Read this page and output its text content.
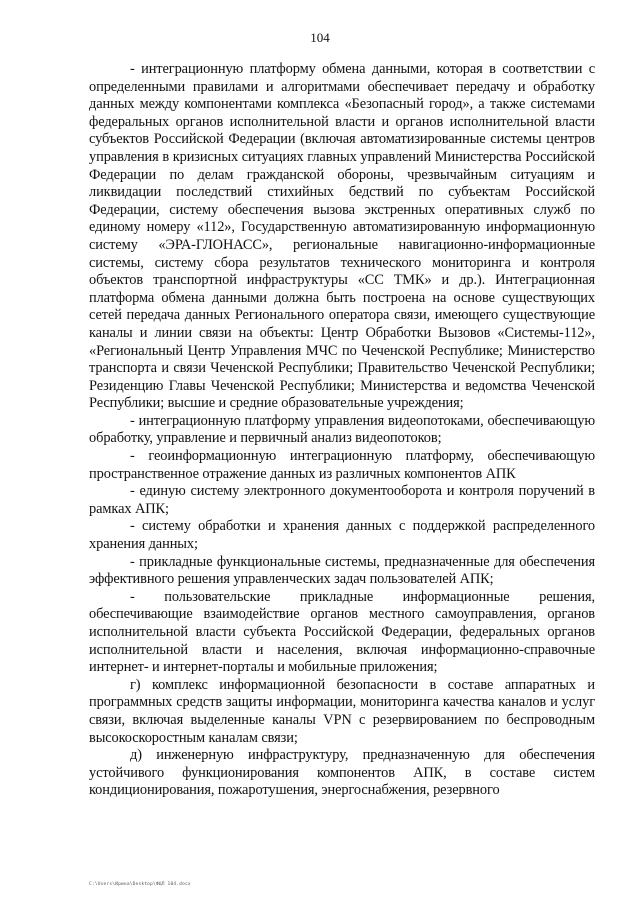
104

- интеграционную платформу обмена данными, которая в соответствии с определенными правилами и алгоритмами обеспечивает передачу и обработку данных между компонентами комплекса «Безопасный город», а также системами федеральных органов исполнительной власти и органов исполнительной власти субъектов Российской Федерации (включая автоматизированные системы центров управления в кризисных ситуациях главных управлений Министерства Российской Федерации по делам гражданской обороны, чрезвычайным ситуациям и ликвидации последствий стихийных бедствий по субъектам Российской Федерации, систему обеспечения вызова экстренных оперативных служб по единому номеру «112», Государственную автоматизированную информационную систему «ЭРА-ГЛОНАСС», региональные навигационно-информационные системы, систему сбора результатов технического мониторинга и контроля объектов транспортной инфраструктуры «СС ТМК» и др.). Интеграционная платформа обмена данными должна быть построена на основе существующих сетей передача данных Регионального оператора связи, имеющего существующие каналы и линии связи на объекты: Центр Обработки Вызовов «Системы-112», «Региональный Центр Управления МЧС по Чеченской Республике; Министерство транспорта и связи Чеченской Республики; Правительство Чеченской Республики; Резиденцию Главы Чеченской Республики; Министерства и ведомства Чеченской Республики; высшие и средние образовательные учреждения;

- интеграционную платформу управления видеопотоками, обеспечивающую обработку, управление и первичный анализ видеопотоков;

- геоинформационную интеграционную платформу, обеспечивающую пространственное отражение данных из различных компонентов АПК

- единую систему электронного документооборота и контроля поручений в рамках АПК;

- систему обработки и хранения данных с поддержкой распределенного хранения данных;

- прикладные функциональные системы, предназначенные для обеспечения эффективного решения управленческих задач пользователей АПК;

- пользовательские прикладные информационные решения, обеспечивающие взаимодействие органов местного самоуправления, органов исполнительной власти субъекта Российской Федерации, федеральных органов исполнительной власти и населения, включая информационно-справочные интернет- и интернет-порталы и мобильные приложения;

г) комплекс информационной безопасности в составе аппаратных и программных средств защиты информации, мониторинга качества каналов и услуг связи, включая выделенные каналы VPN с резервированием по беспроводным высокоскоростным каналам связи;

д) инженерную инфраструктуру, предназначенную для обеспечения устойчивого функционирования компонентов АПК, в составе систем кондиционирования, пожаротушения, энергоснабжения, резервного

С:\Users\Ирина\Desktop\ФЦП 104.docx
